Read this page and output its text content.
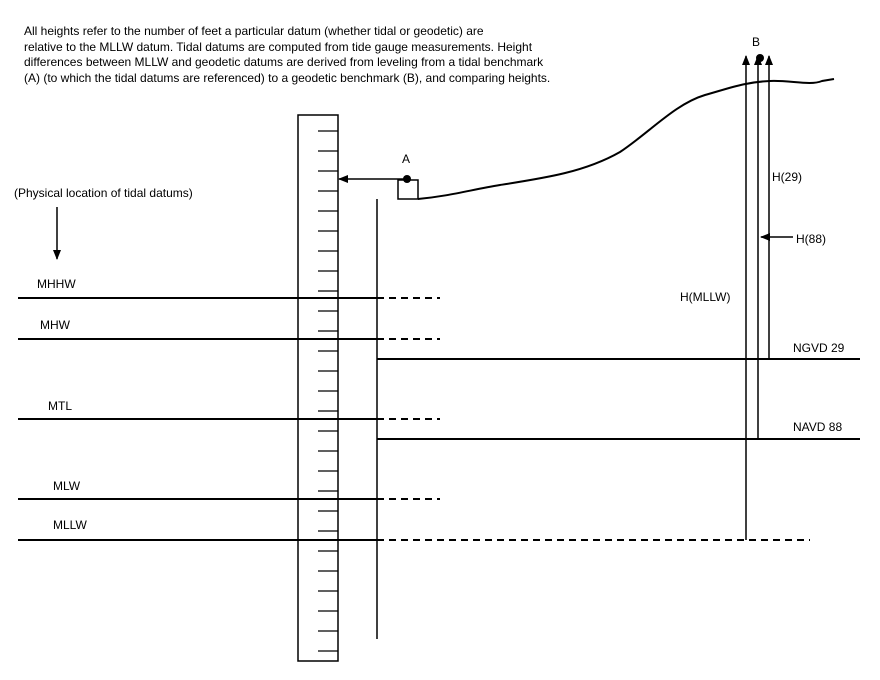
All heights refer to the number of feet a particular datum (whether tidal or geodetic) are
relative to the MLLW datum. Tidal datums are computed from tide gauge measurements. Height
differences between MLLW and geodetic datums are derived from leveling from a tidal benchmark
(A) (to which the tidal datums are referenced) to a geodetic benchmark (B), and comparing heights.
(Physical location of tidal datums)
MHHW
MHW
MTL
MLW
MLLW
NGVD 29
NAVD 88
A
B
H(29)
H(88)
H(MLLW)
